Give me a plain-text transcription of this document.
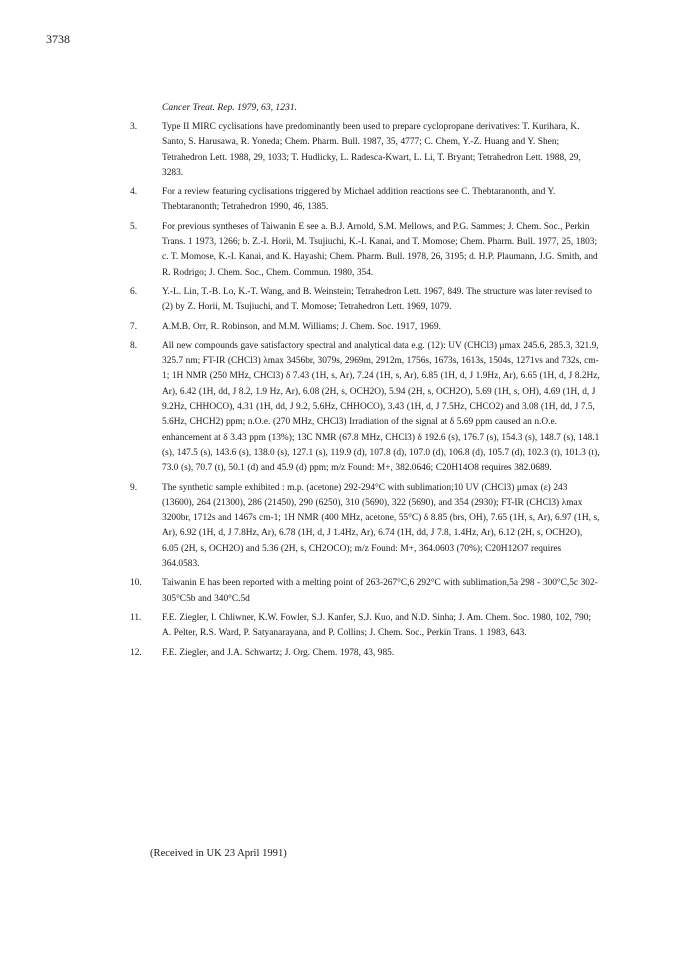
3738
Cancer Treat. Rep. 1979, 63, 1231.
3.	Type II MIRC cyclisations have predominantly been used to prepare cyclopropane derivatives: T. Kurihara, K. Santo, S. Harusawa, R. Yoneda; Chem. Pharm. Bull. 1987, 35, 4777; C. Chem, Y.-Z. Huang and Y. Shen; Tetrahedron Lett. 1988, 29, 1033; T. Hudlicky, L. Radesca-Kwart, L. Li, T. Bryant; Tetrahedron Lett. 1988, 29, 3283.
4.	For a review featuring cyclisations triggered by Michael addition reactions see C. Thebtaranonth, and Y. Thebtaranonth; Tetrahedron 1990, 46, 1385.
5.	For previous syntheses of Taiwanin E see a. B.J. Arnold, S.M. Mellows, and P.G. Sammes; J. Chem. Soc., Perkin Trans. 1 1973, 1266; b. Z.-I. Horii, M. Tsujiuchi, K.-I. Kanai, and T. Momose; Chem. Pharm. Bull. 1977, 25, 1803; c. T. Momose, K.-I. Kanai, and K. Hayashi; Chem. Pharm. Bull. 1978, 26, 3195; d. H.P. Plaumann, J.G. Smith, and R. Rodrigo; J. Chem. Soc., Chem. Commun. 1980, 354.
6.	Y.-L. Lin, T.-B. Lo, K.-T. Wang, and B. Weinstein; Tetrahedron Lett. 1967, 849. The structure was later revised to (2) by Z. Horii, M. Tsujiuchi, and T. Momose; Tetrahedron Lett. 1969, 1079.
7.	A.M.B. Orr, R. Robinson, and M.M. Williams; J. Chem. Soc. 1917, 1969.
8.	All new compounds gave satisfactory spectral and analytical data e.g. (12): UV (CHCl3) μmax 245.6, 285.3, 321.9, 325.7 nm; FT-IR (CHCl3) λmax 3456br, 3079s, 2969m, 2912m, 1756s, 1673s, 1613s, 1504s, 1271vs and 732s, cm-1; 1H NMR (250 MHz, CHCl3) δ 7.43 (1H, s, Ar), 7.24 (1H, s, Ar), 6.85 (1H, d, J 1.9Hz, Ar), 6.65 (1H, d, J 8.2Hz, Ar), 6.42 (1H, dd, J 8.2, 1.9 Hz, Ar), 6.08 (2H, s, OCH2O), 5.94 (2H, s, OCH2O), 5.69 (1H, s, OH), 4.69 (1H, d, J 9.2Hz, CHHOCO), 4.31 (1H, dd, J 9.2, 5.6Hz, CHHOCO), 3.43 (1H, d, J 7.5Hz, CHCO2) and 3.08 (1H, dd, J 7.5, 5.6Hz, CHCH2) ppm; n.O.e. (270 MHz, CHCl3) Irradiation of the signal at δ 5.69 ppm caused an n.O.e. enhancement at δ 3.43 ppm (13%); 13C NMR (67.8 MHz, CHCl3) δ 192.6 (s), 176.7 (s), 154.3 (s), 148.7 (s), 148.1 (s), 147.5 (s), 143.6 (s), 138.0 (s), 127.1 (s), 119.9 (d), 107.8 (d), 107.0 (d), 106.8 (d), 105.7 (d), 102.3 (t), 101.3 (t), 73.0 (s), 70.7 (t), 50.1 (d) and 45.9 (d) ppm; m/z Found: M+, 382.0646; C20H14O8 requires 382.0689.
9.	The synthetic sample exhibited : m.p. (acetone) 292-294°C with sublimation;10 UV (CHCl3) μmax (ε) 243 (13600), 264 (21300), 286 (21450), 290 (6250), 310 (5690), 322 (5690), and 354 (2930); FT-IR (CHCl3) λmax 3200br, 1712s and 1467s cm-1; 1H NMR (400 MHz, acetone, 55°C) δ 8.85 (brs, OH), 7.65 (1H, s, Ar), 6.97 (1H, s, Ar), 6.92 (1H, d, J 7.8Hz, Ar), 6.78 (1H, d, J 1.4Hz, Ar), 6.74 (1H, dd, J 7.8, 1.4Hz, Ar), 6.12 (2H, s, OCH2O), 6.05 (2H, s, OCH2O) and 5.36 (2H, s, CH2OCO); m/z Found: M+, 364.0603 (70%); C20H12O7 requires 364.0583.
10.	Taiwanin E has been reported with a melting point of 263-267°C,6 292°C with sublimation,5a 298 - 300°C,5c 302-305°C5b and 340°C.5d
11.	F.E. Ziegler, I. Chliwner, K.W. Fowler, S.J. Kanfer, S.J. Kuo, and N.D. Sinha; J. Am. Chem. Soc. 1980, 102, 790; A. Pelter, R.S. Ward, P. Satyanarayana, and P. Collins; J. Chem. Soc., Perkin Trans. 1 1983, 643.
12.	F.E. Ziegler, and J.A. Schwartz; J. Org. Chem. 1978, 43, 985.
(Received in UK 23 April 1991)
